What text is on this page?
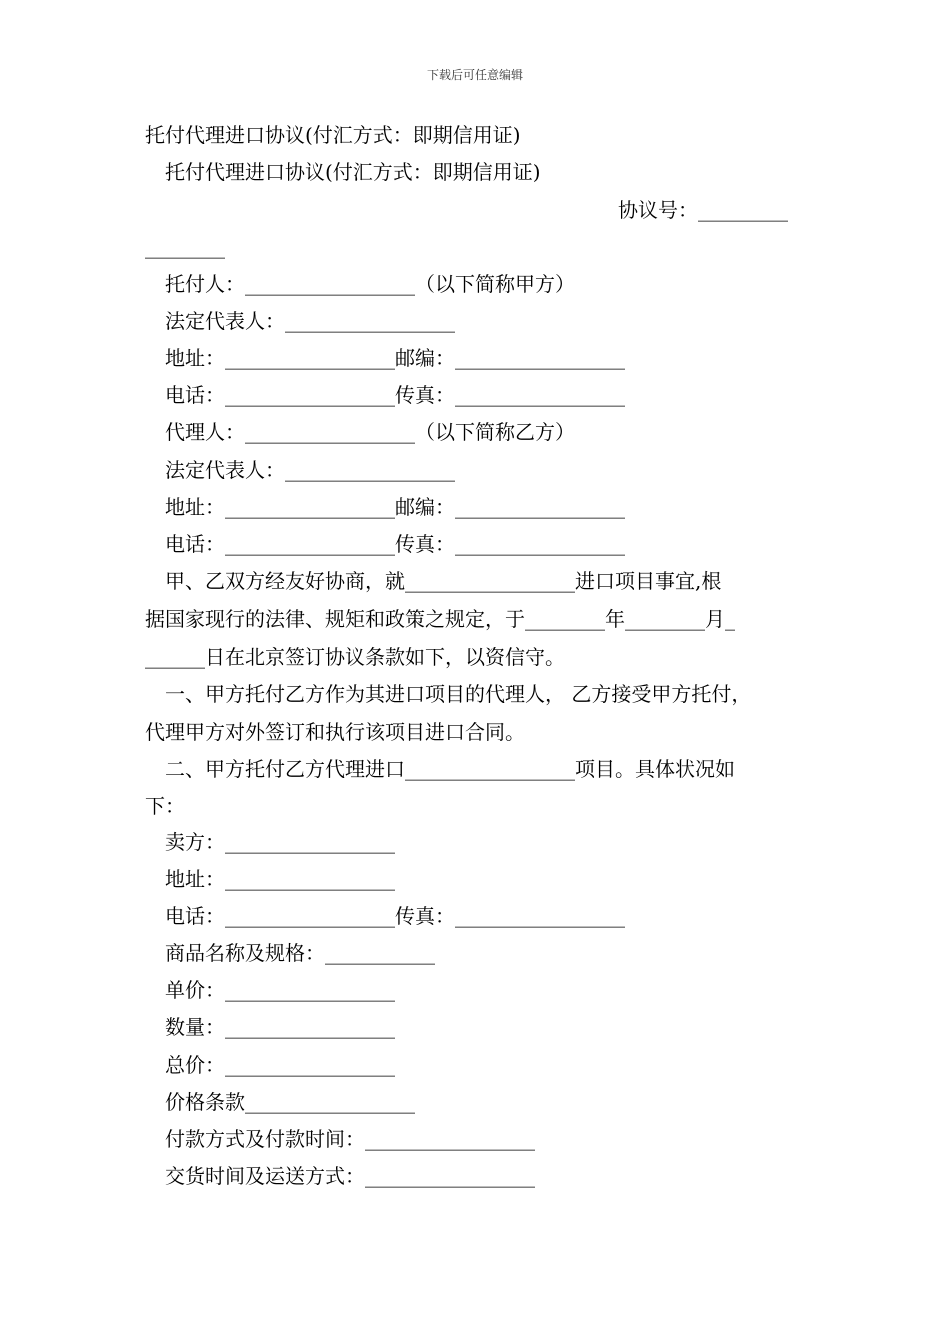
下载后可任意编辑
托付代理进口协议(付汇方式：即期信用证)
托付代理进口协议(付汇方式：即期信用证)
协议号：_________
________
托付人：_________________（以下简称甲方）
法定代表人：_________________
地址：_________________邮编：_________________
电话：_________________传真：_________________
代理人：_________________（以下简称乙方）
法定代表人：_________________
地址：_________________邮编：_________________
电话：_________________传真：_________________
甲、乙双方经友好协商，就_________________进口项目事宜,根
据国家现行的法律、规矩和政策之规定，于________年________月_
______日在北京签订协议条款如下，以资信守。
一、甲方托付乙方作为其进口项目的代理人， 乙方接受甲方托付，
代理甲方对外签订和执行该项目进口合同。
二、甲方托付乙方代理进口_________________项目。具体状况如
下：
卖方：_________________
地址：_________________
电话：_________________传真：_________________
商品名称及规格：___________
单价：_________________
数量：_________________
总价：_________________
价格条款_________________
付款方式及付款时间：_________________
交货时间及运送方式：_________________
